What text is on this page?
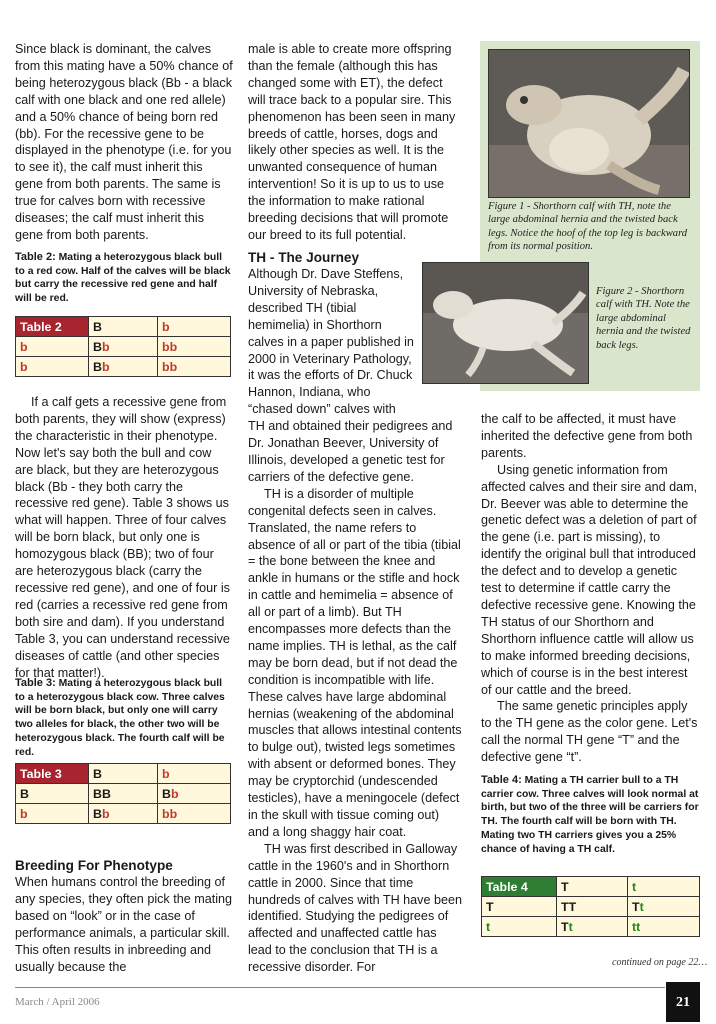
Since black is dominant, the calves from this mating have a 50% chance of being heterozygous black (Bb - a black calf with one black and one red allele) and a 50% chance of being born red (bb). For the recessive gene to be displayed in the phenotype (i.e. for you to see it), the calf must inherit this gene from both parents. The same is true for calves born with recessive diseases; the calf must inherit this gene from both parents.

Table 2: Mating a heterozygous black bull to a red cow. Half of the calves will be black but carry the recessive red gene and half will be red.

Table 2	B	b
b	Bb	bb
b	Bb	bb

If a calf gets a recessive gene from both parents, they will show (express) the characteristic in their phenotype. Now let's say both the bull and cow are black, but they are heterozygous black (Bb - they both carry the recessive red gene). Table 3 shows us what will happen. Three of four calves will be born black, but only one is homozygous black (BB); two of four are heterozygous black (carry the recessive red gene), and one of four is red (carries a recessive red gene from both sire and dam). If you understand Table 3, you can understand recessive diseases of cattle (and other species for that matter!).

Table 3: Mating a heterozygous black bull to a heterozygous black cow. Three calves will be born black, but only one will carry two alleles for black, the other two will be heterozygous black. The fourth calf will be red.

Table 3	B	b
B	BB	Bb
b	Bb	bb
Breeding For Phenotype

When humans control the breeding of any species, they often pick the mating based on “look” or in the case of performance animals, a particular skill. This often results in inbreeding and usually because the

male is able to create more offspring than the female (although this has changed some with ET), the defect will trace back to a popular sire. This phenomenon has been seen in many breeds of cattle, horses, dogs and likely other species as well. It is the unwanted consequence of human intervention! So it is up to us to use the information to make rational breeding decisions that will promote our breed to its full potential.

TH - The Journey

Although Dr. Dave Steffens, University of Nebraska, described TH (tibial hemimelia) in Shorthorn calves in a paper published in 2000 in Veterinary Pathology, it was the efforts of Dr. Chuck Hannon, Indiana, who “chased down” calves with

TH and obtained their pedigrees and Dr. Jonathan Beever, University of Illinois, developed a genetic test for carriers of the defective gene.

TH is a disorder of multiple congenital defects seen in calves. Translated, the name refers to absence of all or part of the tibia (tibial = the bone between the knee and ankle in humans or the stifle and hock in cattle and hemimelia = absence of all or part of a limb). But TH encompasses more defects than the name implies. TH is lethal, as the calf may be born dead, but if not dead the condition is incompatible with life. These calves have large abdominal hernias (weakening of the abdominal muscles that allows intestinal contents to bulge out), twisted legs sometimes with absent or deformed bones. They may be cryptorchid (undescended testicles), have a meningocele (defect in the skull with tissue coming out) and a long shaggy hair coat.

TH was first described in Galloway cattle in the 1960's and in Shorthorn cattle in 2000. Since that time hundreds of calves with TH have been identified. Studying the pedigrees of affected and unaffected cattle has lead to the conclusion that TH is a recessive disorder. For

Figure 1 - Shorthorn calf with TH, note the large abdominal hernia and the twisted back legs. Notice the hoof of the top leg is backward from its normal position.
Figure 2 - Shorthorn calf with TH. Note the large abdominal hernia and the twisted back legs.

the calf to be affected, it must have inherited the defective gene from both parents.

Using genetic information from affected calves and their sire and dam, Dr. Beever was able to determine the genetic defect was a deletion of part of the gene (i.e. part is missing), to identify the original bull that introduced the defect and to develop a genetic test to determine if cattle carry the defective recessive gene. Knowing the TH status of our Shorthorn and Shorthorn influence cattle will allow us to make informed breeding decisions, which of course is in the best interest of our cattle and the breed.

The same genetic principles apply to the TH gene as the color gene. Let's call the normal TH gene “T” and the defective gene “t”.

Table 4: Mating a TH carrier bull to a TH carrier cow. Three calves will look normal at birth, but two of the three will be carriers for TH. The fourth calf will be born with TH. Mating two TH carriers gives you a 25% chance of having a TH calf.

Table 4	T	t
T	TT	Tt
t	Tt	tt
continued on page 22…
March / April 2006	21
